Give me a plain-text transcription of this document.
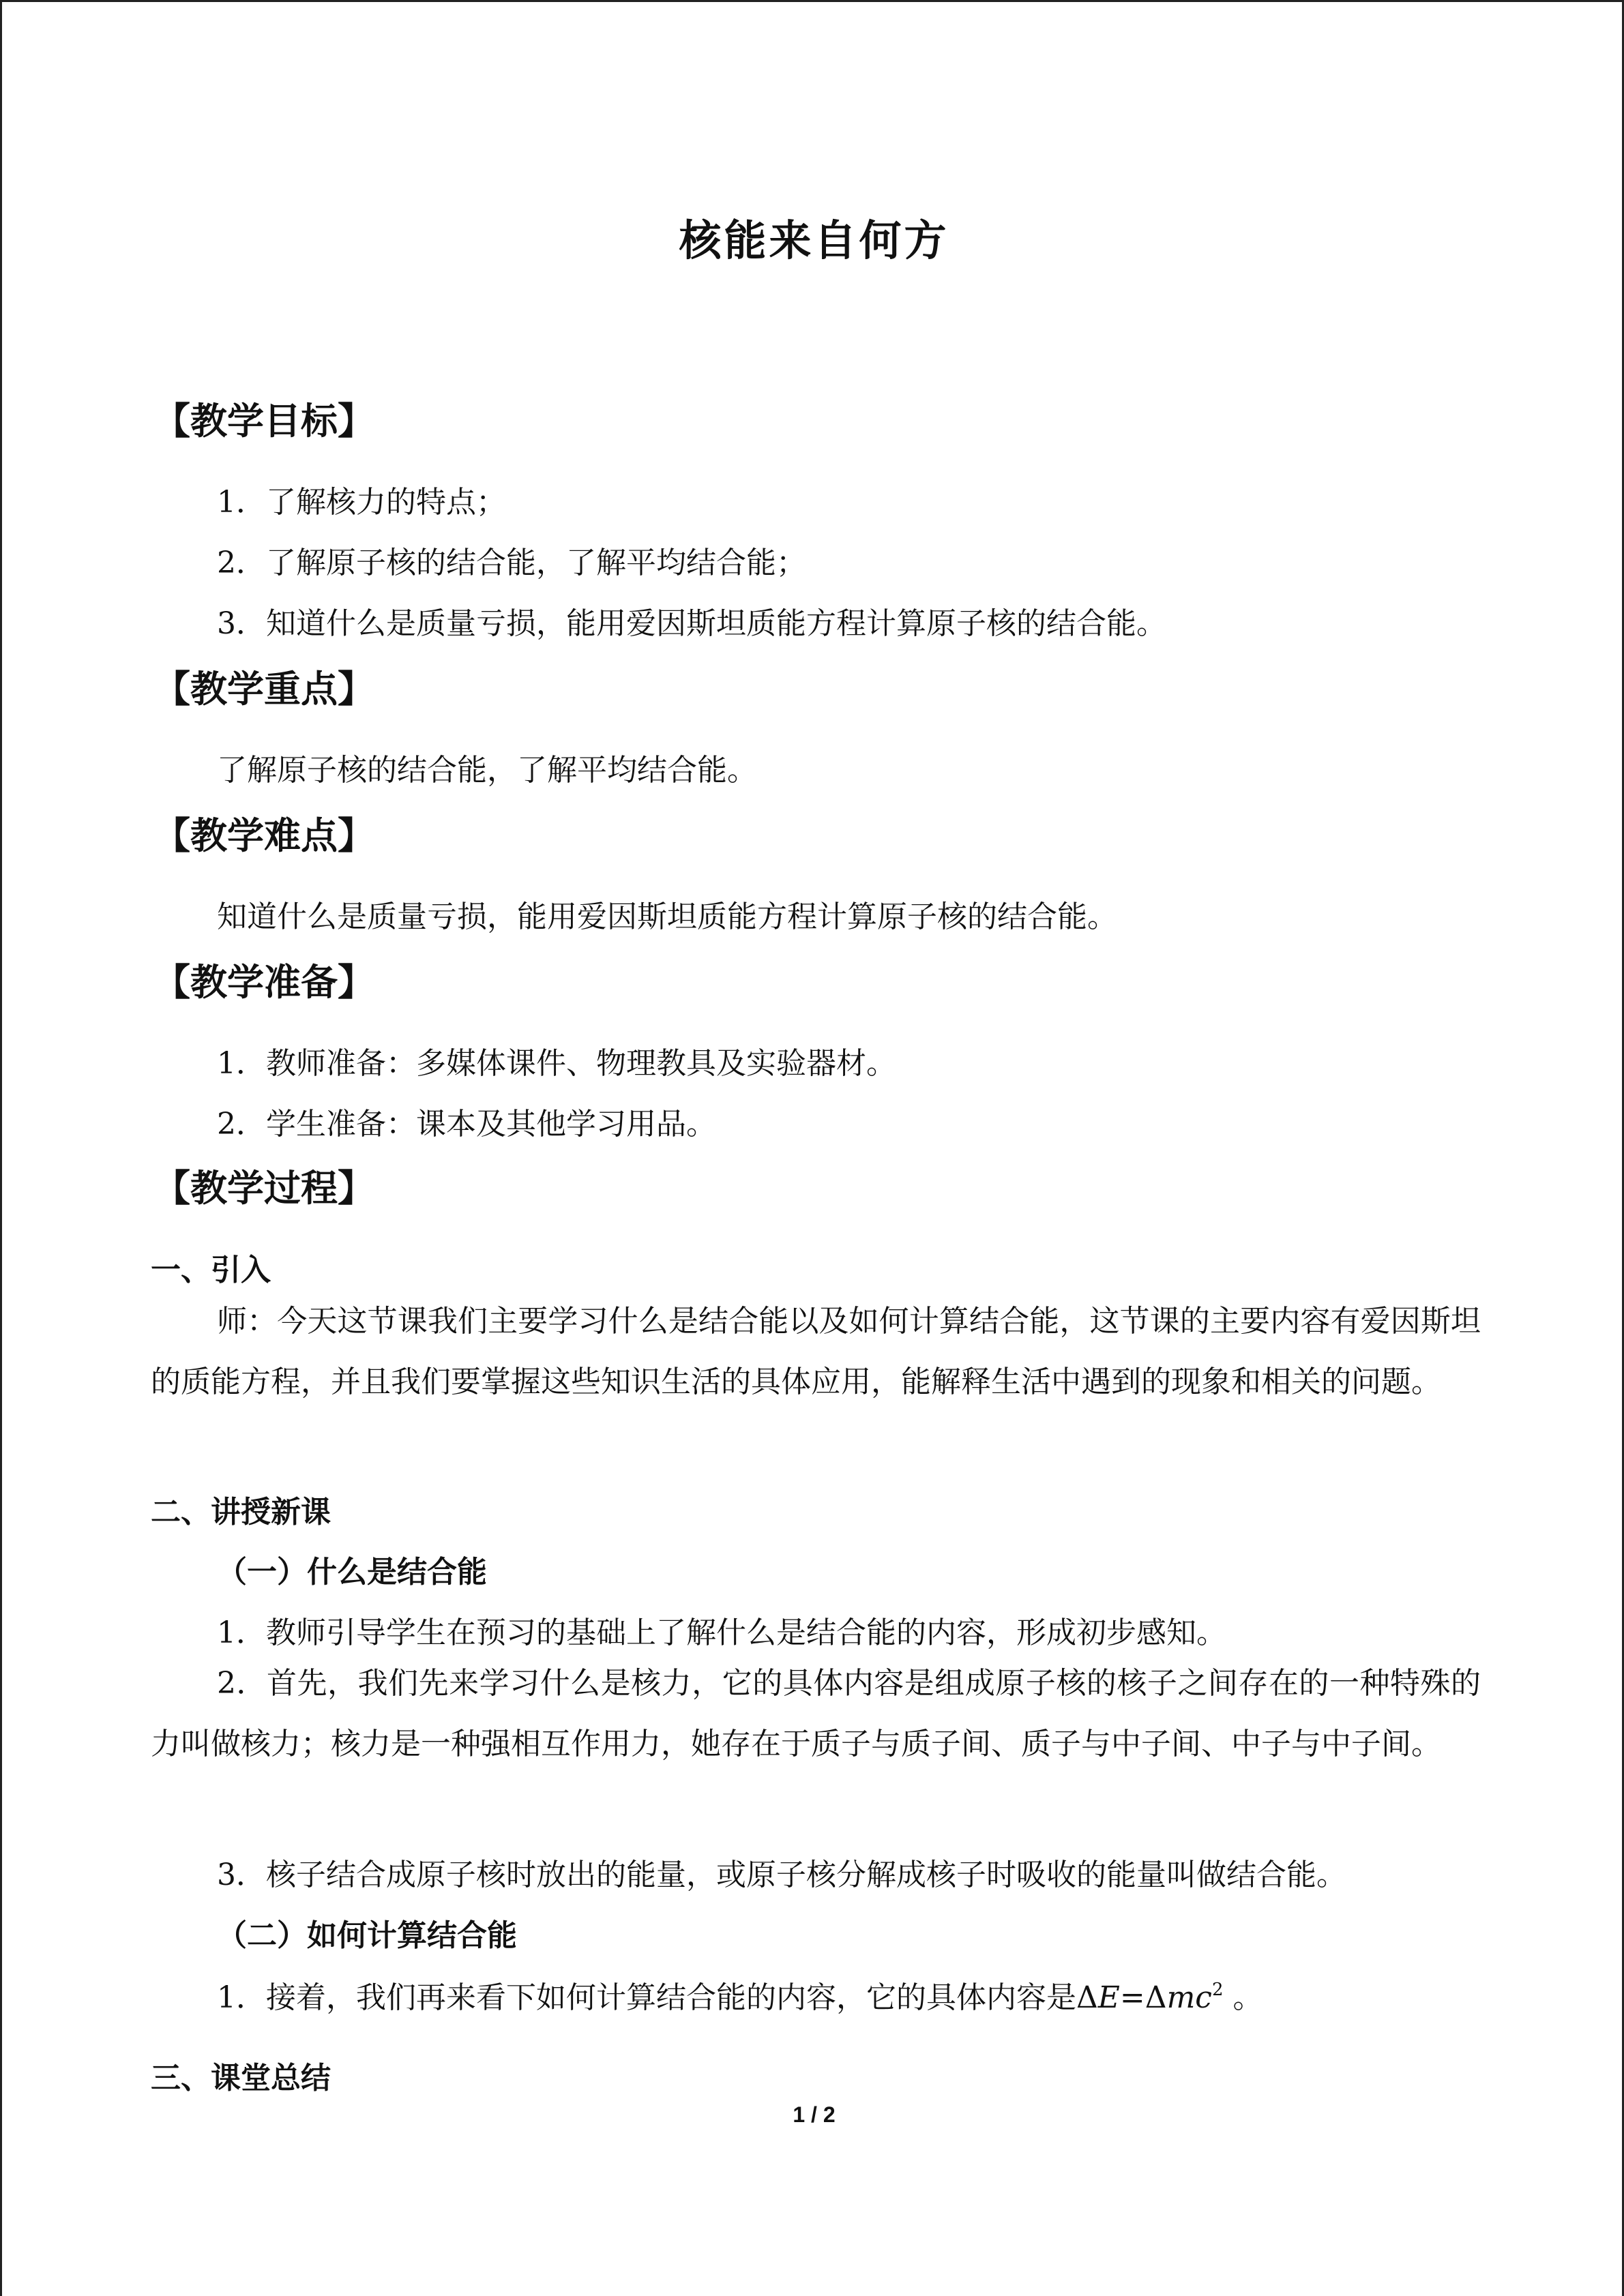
核能来自何方
【教学目标】
1．了解核力的特点；
2．了解原子核的结合能，了解平均结合能；
3．知道什么是质量亏损，能用爱因斯坦质能方程计算原子核的结合能。
【教学重点】
了解原子核的结合能，了解平均结合能。
【教学难点】
知道什么是质量亏损，能用爱因斯坦质能方程计算原子核的结合能。
【教学准备】
1．教师准备：多媒体课件、物理教具及实验器材。
2．学生准备：课本及其他学习用品。
【教学过程】
一、引入
师：今天这节课我们主要学习什么是结合能以及如何计算结合能，这节课的主要内容有爱因斯坦的质能方程，并且我们要掌握这些知识生活的具体应用，能解释生活中遇到的现象和相关的问题。
二、讲授新课
（一）什么是结合能
1．教师引导学生在预习的基础上了解什么是结合能的内容，形成初步感知。
2．首先，我们先来学习什么是核力，它的具体内容是组成原子核的核子之间存在的一种特殊的力叫做核力；核力是一种强相互作用力，她存在于质子与质子间、质子与中子间、中子与中子间。
3．核子结合成原子核时放出的能量，或原子核分解成核子时吸收的能量叫做结合能。
（二）如何计算结合能
1．接着，我们再来看下如何计算结合能的内容，它的具体内容是ΔE=Δmc$^2$ 。
三、课堂总结
1 / 2
